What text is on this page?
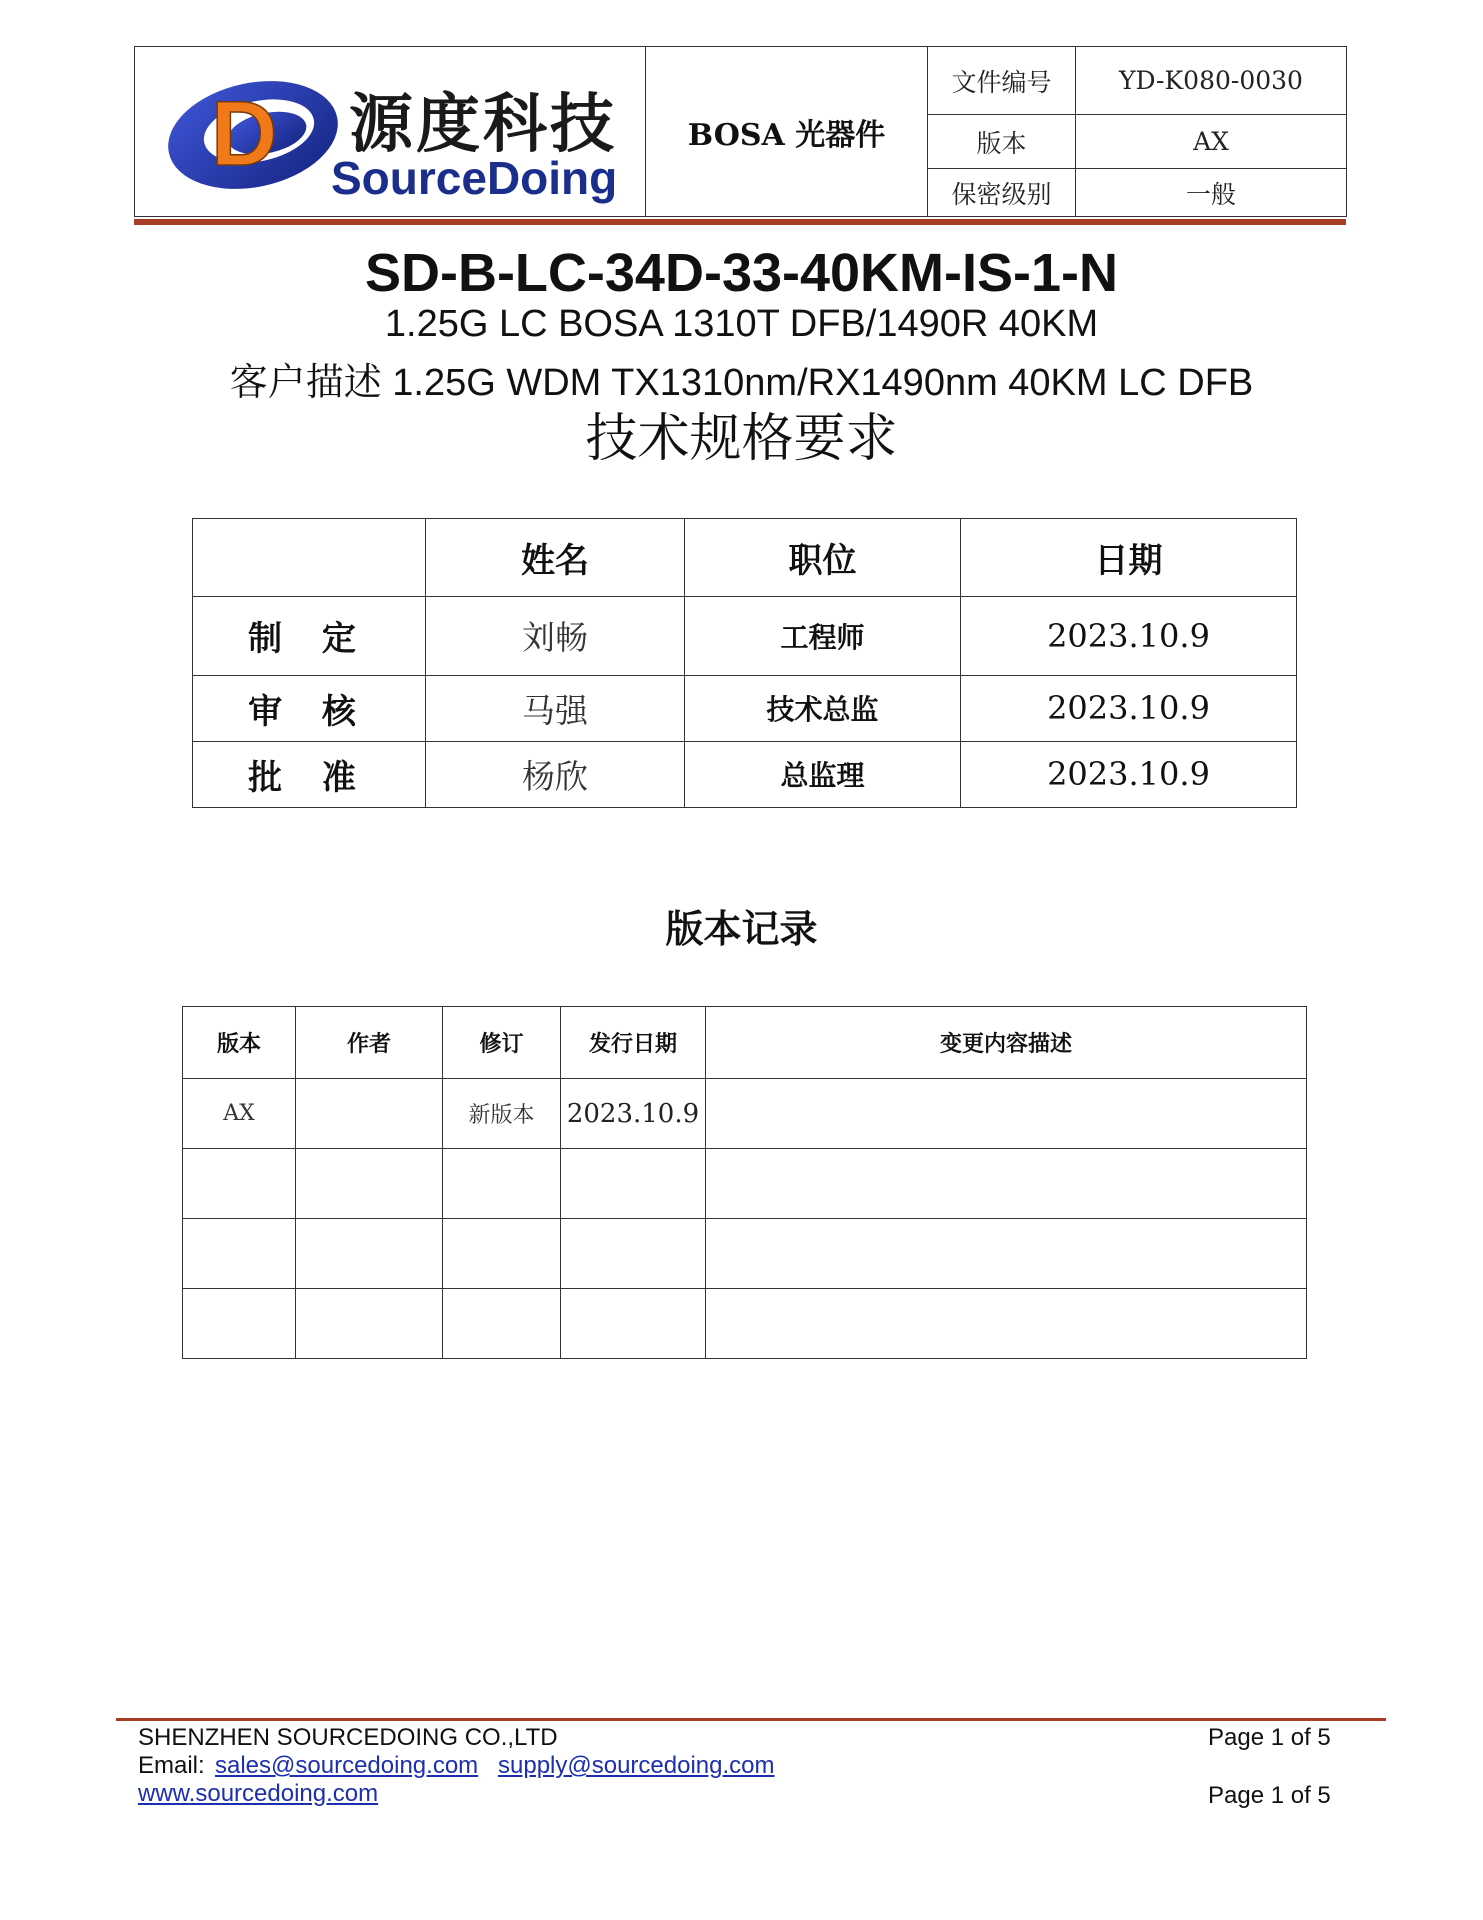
D 源度科技
SourceDoing	BOSA 光器件	文件编号	YD-K080-0030
		版本	AX
		保密级别	一般
SD-B-LC-34D-33-40KM-IS-1-N
1.25G LC BOSA 1310T DFB/1490R 40KM
客户描述 1.25G WDM TX1310nm/RX1490nm 40KM LC DFB
技术规格要求
	姓名	职位	日期
制 定	刘畅	工程师	2023.10.9
审 核	马强	技术总监	2023.10.9
批 准	杨欣	总监理	2023.10.9
版本记录
版本	作者	修订	发行日期	变更内容描述
AX		新版本	2023.10.9	

SHENZHEN SOURCEDOING CO.,LTD	Page 1 of 5
Email: sales@sourcedoing.com supply@sourcedoing.com
www.sourcedoing.com	Page 1 of 5
